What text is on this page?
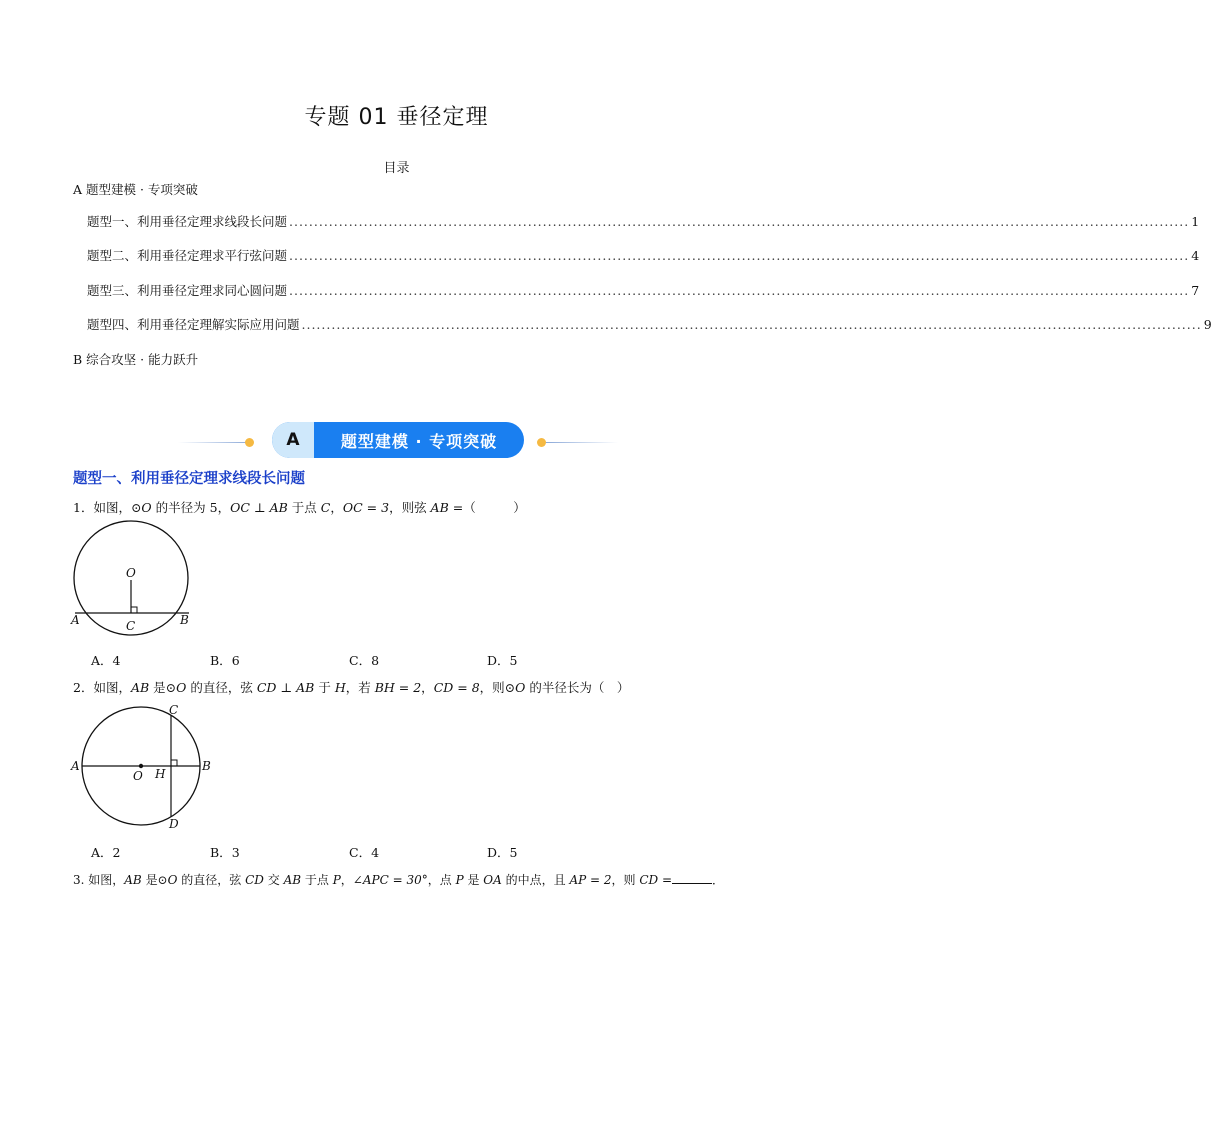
专题 01 垂径定理
目录
A 题型建模 · 专项突破
题型一、利用垂径定理求线段长问题 ..................................................................................................................................................................................... 1
题型二、利用垂径定理求平行弦问题 ..................................................................................................................................................................................... 4
题型三、利用垂径定理求同心圆问题 ..................................................................................................................................................................................... 7
题型四、利用垂径定理解实际应用问题 ..................................................................................................................................................................................... 9
B 综合攻坚 · 能力跃升
A	题型建模 · 专项突破
题型一、利用垂径定理求线段长问题
1．如图，⊙O 的半径为 5，OC ⊥ AB 于点 C，OC = 3，则弦 AB =（　　　）
O
A	B
C
A．4	B．6	C．8	D．5
2．如图，AB 是⊙O 的直径，弦 CD ⊥ AB 于 H，若 BH = 2，CD = 8，则⊙O 的半径长为（　）
A	B
C
D
O H
A．2	B．3	C．4	D．5
3. 如图，AB 是⊙O 的直径，弦 CD 交 AB 于点 P，∠APC = 30°，点 P 是 OA 的中点，且 AP = 2，则 CD =	．
